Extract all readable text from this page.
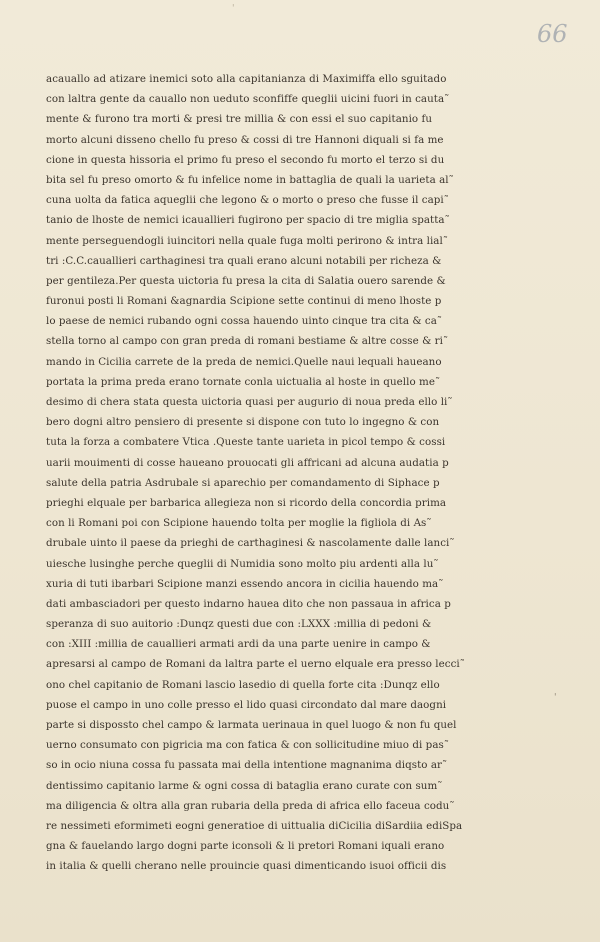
'
66
'
acauallo ad atizare inemici soto alla capitanianza di Maximiffa ello sguitado
con laltra gente da cauallo non ueduto sconfiffe queglii uicini fuori in cauta˜
mente & furono tra morti & presi tre millia & con essi el suo capitanio fu
morto alcuni disseno chello fu preso & cossi di tre Hannoni diquali si fa me
cione in questa hissoria el primo fu preso el secondo fu morto el terzo si du
bita sel fu preso omorto & fu infelice nome in battaglia de quali la uarieta al˜
cuna uolta da fatica aqueglii che legono & o morto o preso che fusse il capi˜
tanio de lhoste de nemici icauallieri fugirono per spacio di tre miglia spatta˜
mente perseguendogli iuincitori nella quale fuga molti perirono & intra lial˜
tri :C.C.cauallieri carthaginesi tra quali erano alcuni notabili per richeza &
per gentileza.Per questa uictoria fu presa la cita di Salatia ouero sarende &
furonui posti li Romani &agnardia Scipione sette continui di meno lhoste p
lo paese de nemici rubando ogni cossa hauendo uinto cinque tra cita & ca˜
stella torno al campo con gran preda di romani bestiame & altre cosse & ri˜
mando in Cicilia carrete de la preda de nemici.Quelle naui lequali haueano
portata la prima preda erano tornate conla uictualia al hoste in quello me˜
desimo di chera stata questa uictoria quasi per augurio di noua preda ello li˜
bero dogni altro pensiero di presente si dispone con tuto lo ingegno & con
tuta la forza a combatere Vtica .Queste tante uarieta in picol tempo & cossi
uarii mouimenti di cosse haueano prouocati gli affricani ad alcuna audatia p
salute della patria Asdrubale si aparechio per comandamento di Siphace p
prieghi elquale per barbarica allegieza non si ricordo della concordia prima
con li Romani poi con Scipione hauendo tolta per moglie la figliola di As˜
drubale uinto il paese da prieghi de carthaginesi & nascolamente dalle lanci˜
uiesche lusinghe perche queglii di Numidia sono molto piu ardenti alla lu˜
xuria di tuti ibarbari Scipione manzi essendo ancora in cicilia hauendo ma˜
dati ambasciadori per questo indarno hauea dito che non passaua in africa p
speranza di suo auitorio :Dunqz questi due con :LXXX :millia di pedoni &
con :XIII :millia de cauallieri armati ardi da una parte uenire in campo &
apresarsi al campo de Romani da laltra parte el uerno elquale era presso lecci˜
ono chel capitanio de Romani lascio lasedio di quella forte cita :Dunqz ello
puose el campo in uno colle presso el lido quasi circondato dal mare daogni
parte si dispossto chel campo & larmata uerinaua in quel luogo & non fu quel
uerno consumato con pigricia ma con fatica & con sollicitudine miuo di pas˜
so in ocio niuna cossa fu passata mai della intentione magnanima diqsto ar˜
dentissimo capitanio larme & ogni cossa di bataglia erano curate con sum˜
ma diligencia & oltra alla gran rubaria della preda di africa ello faceua codu˜
re nessimeti eformimeti eogni generatioe di uittualia diCicilia diSardiia ediSpa
gna & fauelando largo dogni parte iconsoli & li pretori Romani iquali erano
in italia & quelli cherano nelle prouincie quasi dimenticando isuoi officii dis
